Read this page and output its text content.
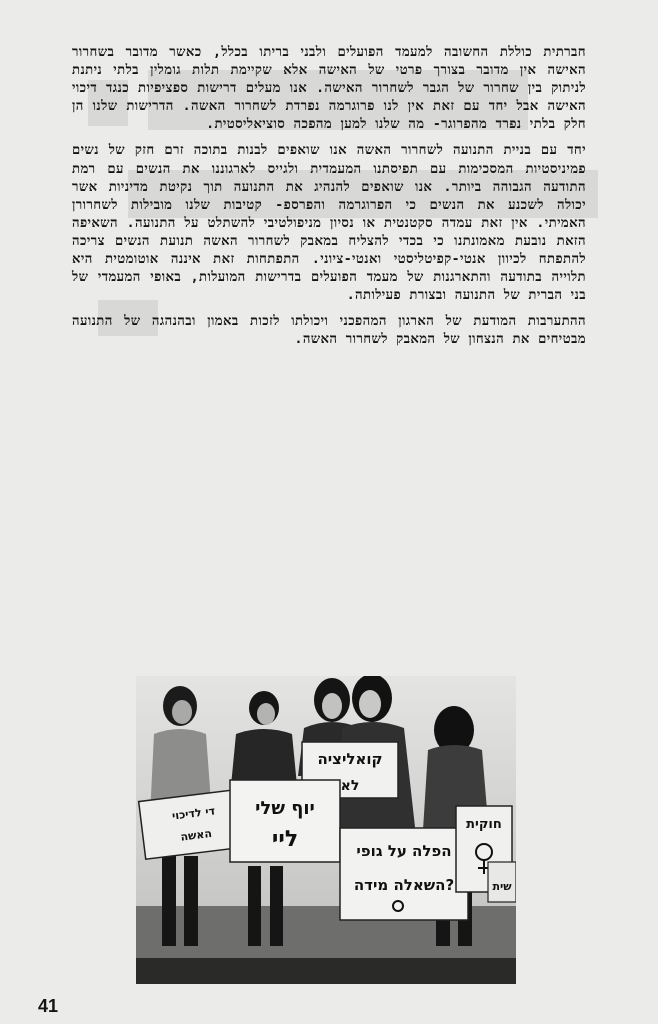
חברתית כוללת החשובה למעמד הפועלים ולבני בריתו בכלל, כאשר מדובר בשחרור האישה אין מדובר בצורך פרטי של האישה אלא שקיימת תלות גומלין בלתי ניתנת לניתוק בין שחרור של הגבר לשחרור האישה. אנו מעלים דרישות ספציפיות כנגד דיכוי האישה אבל יחד עם זאת אין לנו פרוגרמה נפרדת לשחרור האשה. הדרישות שלנו הן חלק בלתי נפרד מהפרוגר- מה שלנו למען מהפכה סוציאליסטית.

יחד עם בניית התנועה לשחרור האשה אנו שואפים לבנות בתוכה זרם חזק של נשים פמיניסטיות המסכימות עם תפיסתנו המעמדית ולגייס לארגוננו את הנשים עם רמת התודעה הגבוהה ביותר. אנו שואפים להנהיג את התנועה תוך נקיטת מדיניות אשר יכולה לשכנע את הנשים כי הפרוגרמה והפרספ- קטיבות שלנו מובילות לשחרורן האמיתי. אין זאת עמדה סקטנטית או נסיון מניפולטיבי להשתלט על התנועה. השאיפה הזאת נובעת מאמונתנו כי בכדי להצליח במאבק לשחרור האשה תנועת הנשים צריכה להתפתח לכיוון אנטי-קפיטליסטי ואנטי-ציוני. התפתחות זאת איננה אוטומטית היא תלוייה בתודעה והתארגנות של מעמד הפועלים בדרישות המועלות, באופי המעמדי של בני הברית של התנועה ובצורת פעילותה.

ההתערבות המודעת של הארגון המהפכני ויכולתו לזכות באמון ובהנהגה של התנועה מבטיחים את הנצחון של המאבק לשחרור האשה.

קואליציה
לא
די לדיכוי
האשה
יוף שלי
ליי	הפלה על גופי
השאלה מידה?
חוקית
שית
41
